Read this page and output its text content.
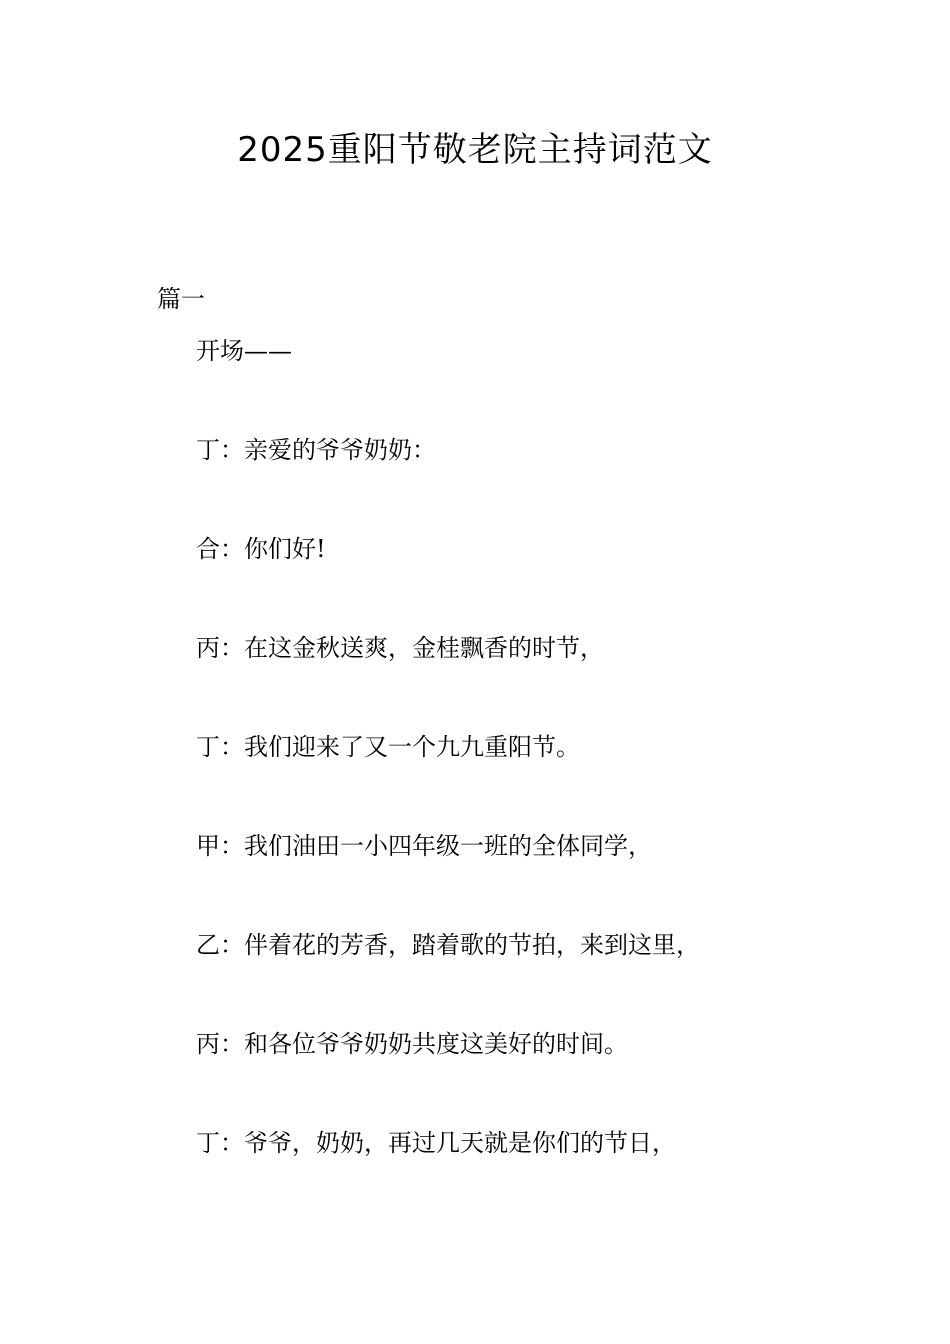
2025重阳节敬老院主持词范文
篇一
开场——
丁：亲爱的爷爷奶奶：
合：你们好!
丙：在这金秋送爽，金桂飘香的时节，
丁：我们迎来了又一个九九重阳节。
甲：我们油田一小四年级一班的全体同学，
乙：伴着花的芳香，踏着歌的节拍，来到这里，
丙：和各位爷爷奶奶共度这美好的时间。
丁：爷爷，奶奶，再过几天就是你们的节日，
